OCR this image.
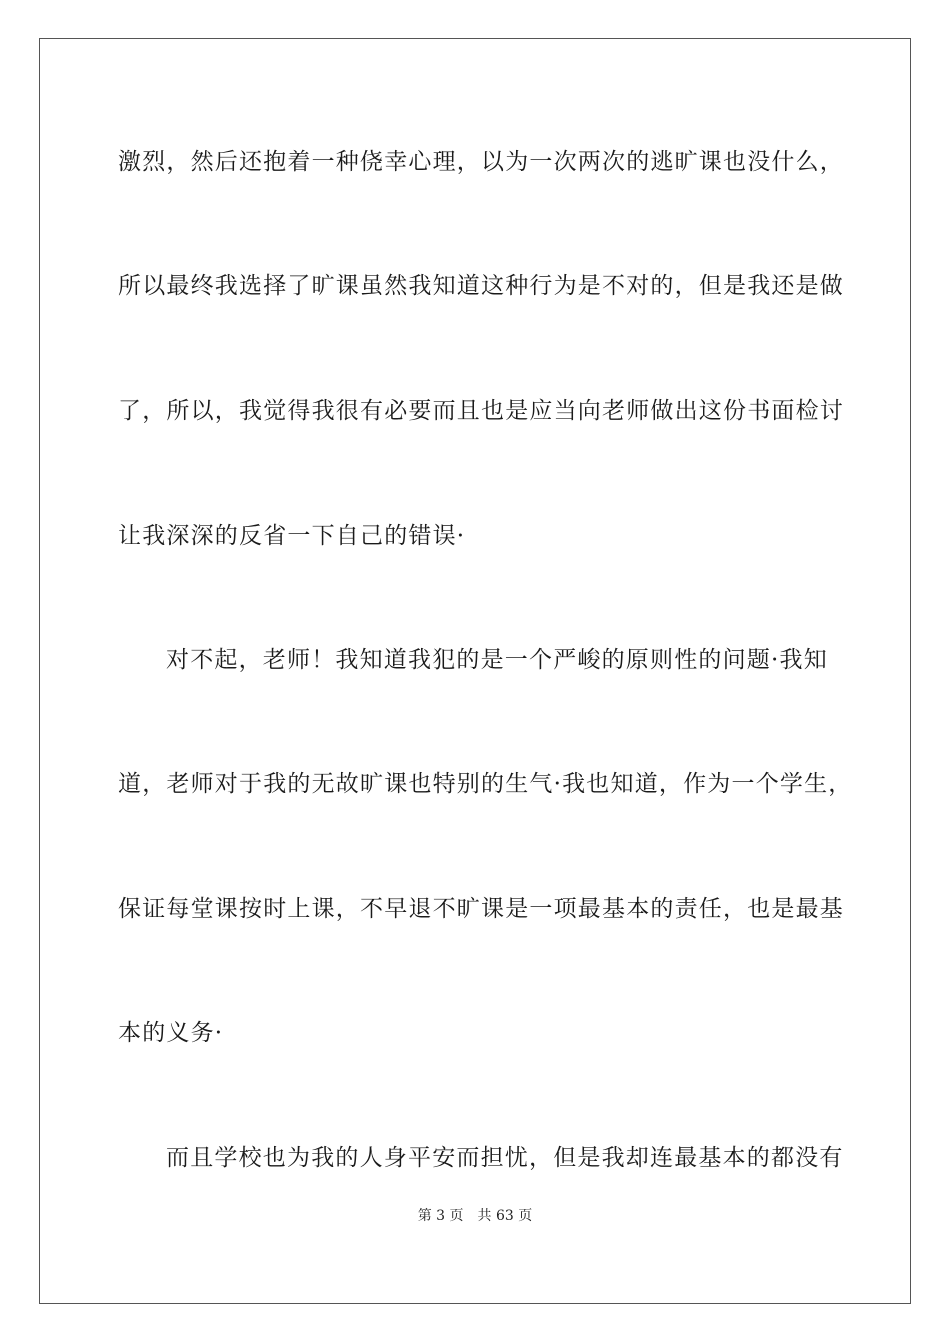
激烈，然后还抱着一种侥幸心理，以为一次两次的逃旷课也没什么，
所以最终我选择了旷课虽然我知道这种行为是不对的，但是我还是做
了，所以，我觉得我很有必要而且也是应当向老师做出这份书面检讨
让我深深的反省一下自己的错误·
对不起，老师！我知道我犯的是一个严峻的原则性的问题·我知
道，老师对于我的无故旷课也特别的生气·我也知道，作为一个学生，
保证每堂课按时上课，不早退不旷课是一项最基本的责任，也是最基
本的义务·
而且学校也为我的人身平安而担忧，但是我却连最基本的都没有
第 3 页 共 63 页
